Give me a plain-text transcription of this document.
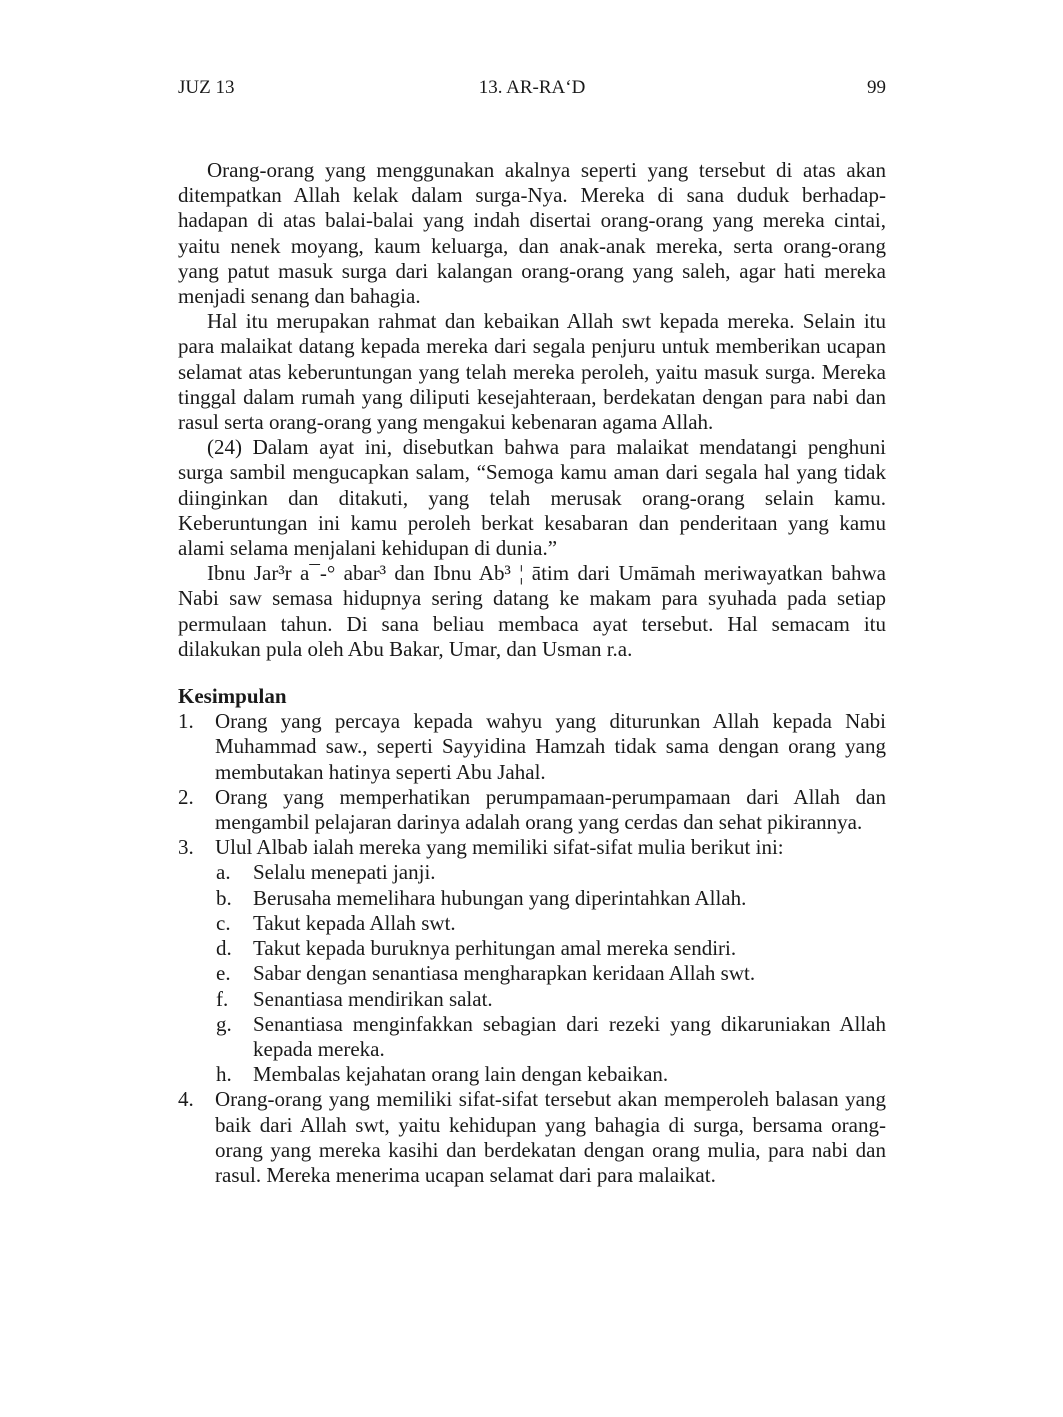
JUZ 13	13. AR-RA‘D	99

Orang-orang yang menggunakan akalnya seperti yang tersebut di atas akan ditempatkan Allah kelak dalam surga-Nya. Mereka di sana duduk berhadap-hadapan di atas balai-balai yang indah disertai orang-orang yang mereka cintai, yaitu nenek moyang, kaum keluarga, dan anak-anak mereka, serta orang-orang yang patut masuk surga dari kalangan orang-orang yang saleh, agar hati mereka menjadi senang dan bahagia.

Hal itu merupakan rahmat dan kebaikan Allah swt kepada mereka. Selain itu para malaikat datang kepada mereka dari segala penjuru untuk memberikan ucapan selamat atas keberuntungan yang telah mereka peroleh, yaitu masuk surga. Mereka tinggal dalam rumah yang diliputi kesejahteraan, berdekatan dengan para nabi dan rasul serta orang-orang yang mengakui kebenaran agama Allah.

(24) Dalam ayat ini, disebutkan bahwa para malaikat mendatangi penghuni surga sambil mengucapkan salam, “Semoga kamu aman dari segala hal yang tidak diinginkan dan ditakuti, yang telah merusak orang-orang selain kamu. Keberuntungan ini kamu peroleh berkat kesabaran dan penderitaan yang kamu alami selama menjalani kehidupan di dunia.”

Ibnu Jar³r a¯-° abar³ dan Ibnu Ab³ ¦ ātim dari Umāmah meriwayatkan bahwa Nabi saw semasa hidupnya sering datang ke makam para syuhada pada setiap permulaan tahun. Di sana beliau membaca ayat tersebut. Hal semacam itu dilakukan pula oleh Abu Bakar, Umar, dan Usman r.a.

Kesimpulan
1. Orang yang percaya kepada wahyu yang diturunkan Allah kepada Nabi Muhammad saw., seperti Sayyidina Hamzah tidak sama dengan orang yang membutakan hatinya seperti Abu Jahal.
2. Orang yang memperhatikan perumpamaan-perumpamaan dari Allah dan mengambil pelajaran darinya adalah orang yang cerdas dan sehat pikirannya.
3. Ulul Albab ialah mereka yang memiliki sifat-sifat mulia berikut ini:
a. Selalu menepati janji.
b. Berusaha memelihara hubungan yang diperintahkan Allah.
c. Takut kepada Allah swt.
d. Takut kepada buruknya perhitungan amal mereka sendiri.
e. Sabar dengan senantiasa mengharapkan keridaan Allah swt.
f. Senantiasa mendirikan salat.
g. Senantiasa menginfakkan sebagian dari rezeki yang dikaruniakan Allah kepada mereka.
h. Membalas kejahatan orang lain dengan kebaikan.
4. Orang-orang yang memiliki sifat-sifat tersebut akan memperoleh balasan yang baik dari Allah swt, yaitu kehidupan yang bahagia di surga, bersama orang-orang yang mereka kasihi dan berdekatan dengan orang mulia, para nabi dan rasul. Mereka menerima ucapan selamat dari para malaikat.
